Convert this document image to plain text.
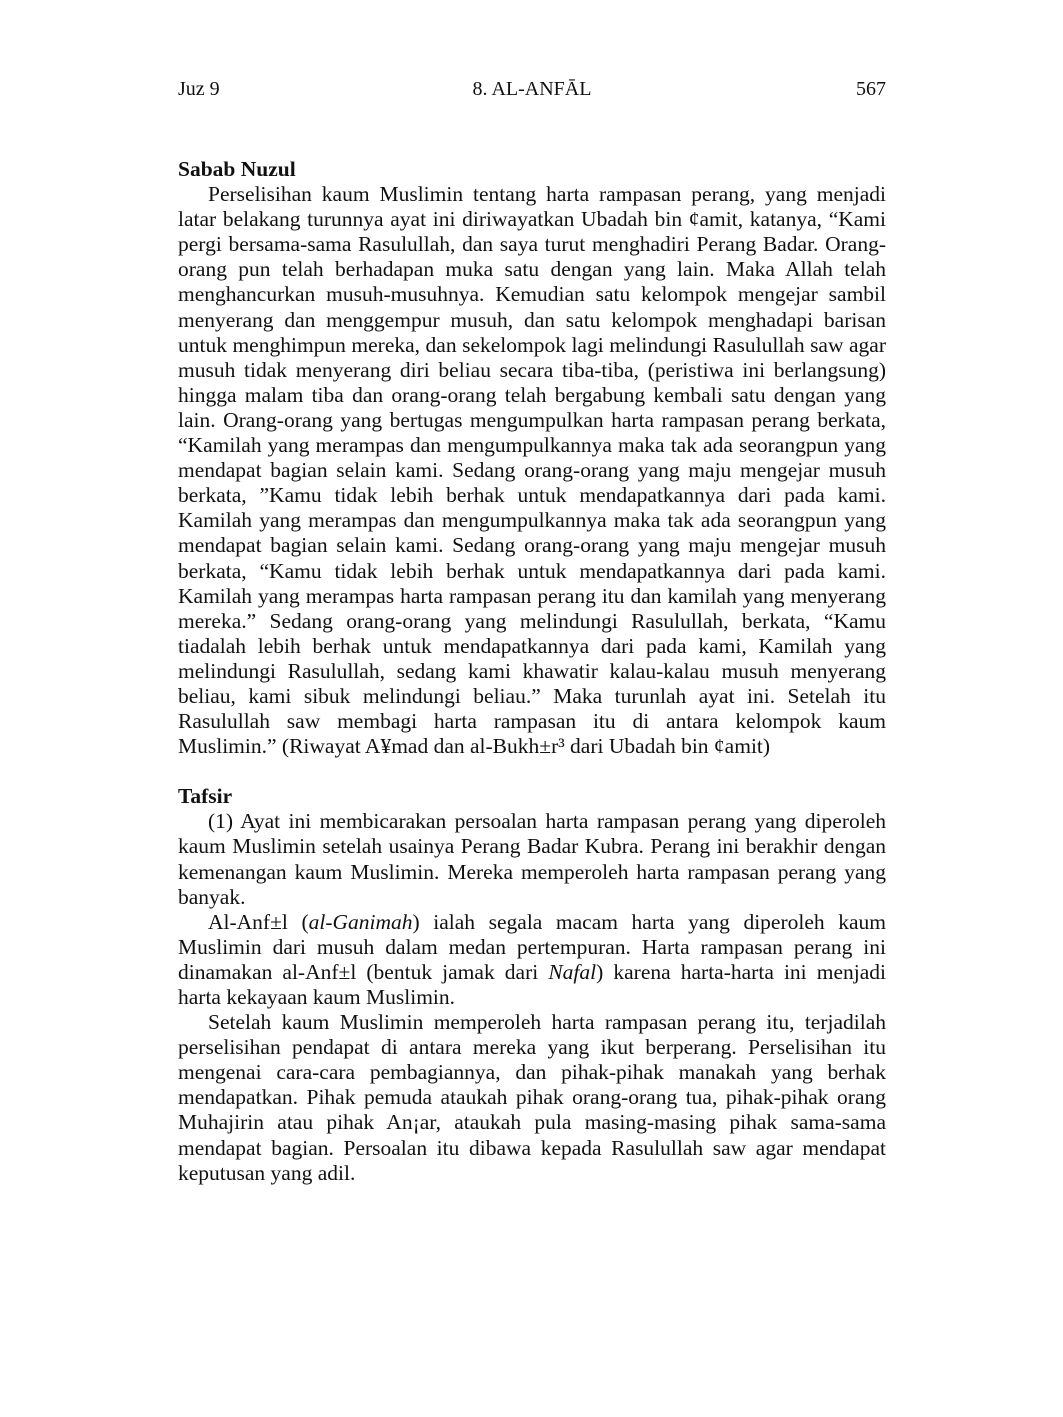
Juz 9	8. AL-ANFĀL	567
Sabab Nuzul

Perselisihan kaum Muslimin tentang harta rampasan perang, yang menjadi latar belakang turunnya ayat ini diriwayatkan Ubadah bin ¢amit, katanya, “Kami pergi bersama-sama Rasulullah, dan saya turut menghadiri Perang Badar. Orang-orang pun telah berhadapan muka satu dengan yang lain. Maka Allah telah menghancurkan musuh-musuhnya. Kemudian satu kelompok mengejar sambil menyerang dan menggempur musuh, dan satu kelompok menghadapi barisan untuk menghimpun mereka, dan sekelompok lagi melindungi Rasulullah saw agar musuh tidak menyerang diri beliau secara tiba-tiba, (peristiwa ini berlangsung) hingga malam tiba dan orang-orang telah bergabung kembali satu dengan yang lain. Orang-orang yang bertugas mengumpulkan harta rampasan perang berkata, “Kamilah yang merampas dan mengumpulkannya maka tak ada seorangpun yang mendapat bagian selain kami. Sedang orang-orang yang maju mengejar musuh berkata, ”Kamu tidak lebih berhak untuk mendapatkannya dari pada kami. Kamilah yang merampas dan mengumpulkannya maka tak ada seorangpun yang mendapat bagian selain kami. Sedang orang-orang yang maju mengejar musuh berkata, “Kamu tidak lebih berhak untuk mendapatkannya dari pada kami. Kamilah yang merampas harta rampasan perang itu dan kamilah yang menyerang mereka.” Sedang orang-orang yang melindungi Rasulullah, berkata, “Kamu tiadalah lebih berhak untuk mendapatkannya dari pada kami, Kamilah yang melindungi Rasulullah, sedang kami khawatir kalau-kalau musuh menyerang beliau, kami sibuk melindungi beliau.” Maka turunlah ayat ini. Setelah itu Rasulullah saw membagi harta rampasan itu di antara kelompok kaum Muslimin.” (Riwayat A¥mad dan al-Bukh±r³ dari Ubadah bin ¢amit)

Tafsir

(1) Ayat ini membicarakan persoalan harta rampasan perang yang diperoleh kaum Muslimin setelah usainya Perang Badar Kubra. Perang ini berakhir dengan kemenangan kaum Muslimin. Mereka memperoleh harta rampasan perang yang banyak.

Al-Anf±l (al-Ganimah) ialah segala macam harta yang diperoleh kaum Muslimin dari musuh dalam medan pertempuran. Harta rampasan perang ini dinamakan al-Anf±l (bentuk jamak dari Nafal) karena harta-harta ini menjadi harta kekayaan kaum Muslimin.

Setelah kaum Muslimin memperoleh harta rampasan perang itu, terjadilah perselisihan pendapat di antara mereka yang ikut berperang. Perselisihan itu mengenai cara-cara pembagiannya, dan pihak-pihak manakah yang berhak mendapatkan. Pihak pemuda ataukah pihak orang-orang tua, pihak-pihak orang Muhajirin atau pihak An¡ar, ataukah pula masing-masing pihak sama-sama mendapat bagian. Persoalan itu dibawa kepada Rasulullah saw agar mendapat keputusan yang adil.
